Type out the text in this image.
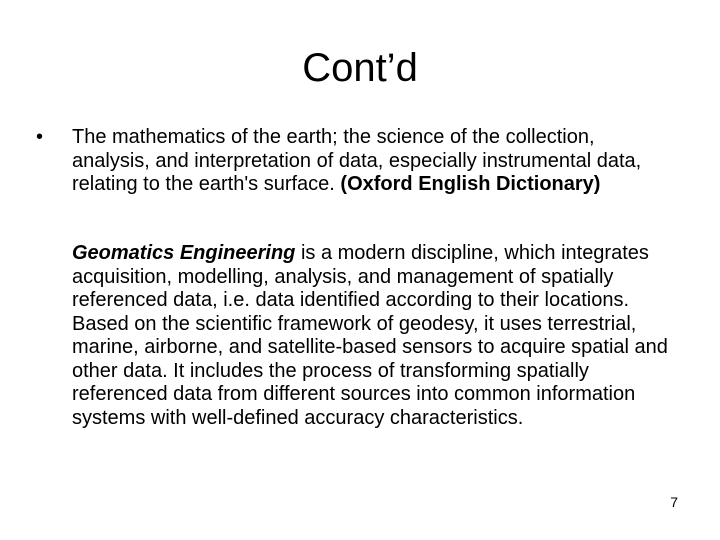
Cont’d
•	The mathematics of the earth; the science of the collection, analysis, and interpretation of data, especially instrumental data, relating to the earth's surface. (Oxford English Dictionary)
Geomatics Engineering is a modern discipline, which integrates acquisition, modelling, analysis, and management of spatially referenced data, i.e. data identified according to their locations. Based on the scientific framework of geodesy, it uses terrestrial, marine, airborne, and satellite-based sensors to acquire spatial and other data. It includes the process of transforming spatially referenced data from different sources into common information systems with well-defined accuracy characteristics.
7
